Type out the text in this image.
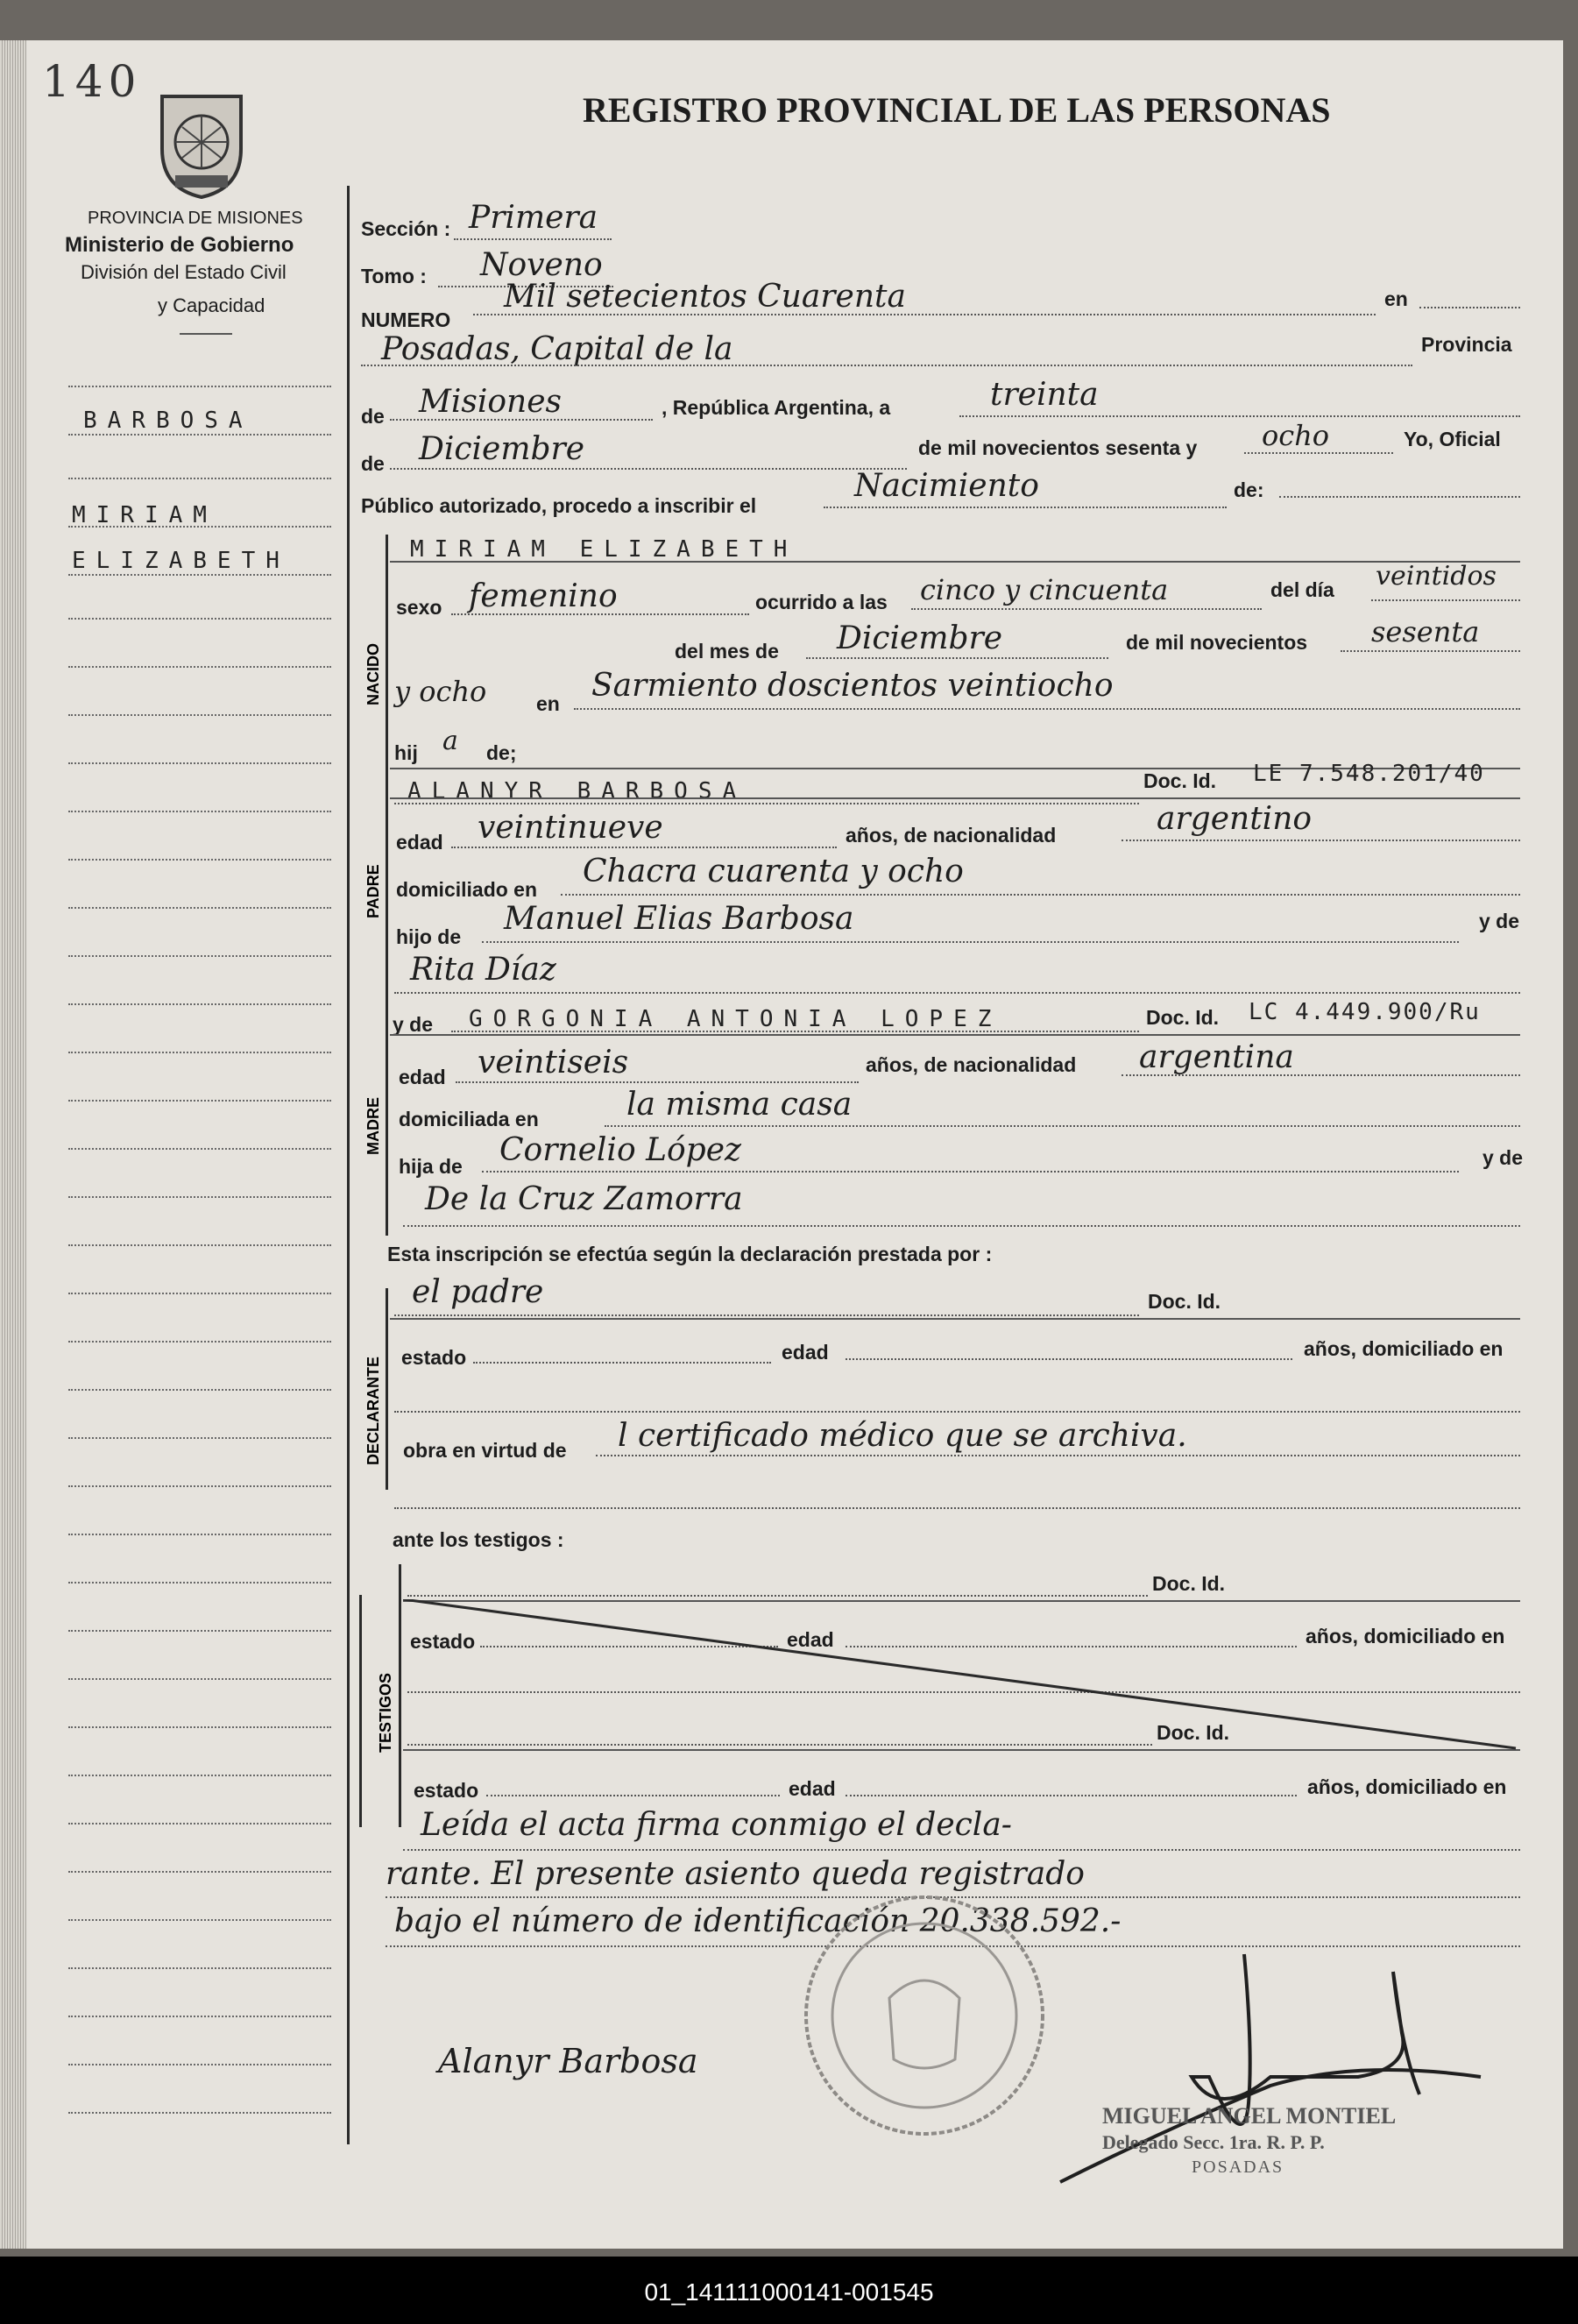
140
REGISTRO PROVINCIAL DE LAS PERSONAS
PROVINCIA DE MISIONES
Ministerio de Gobierno
División del Estado Civil
y Capacidad
BARBOSA
MIRIAM
ELIZABETH
Sección : Primera
Tomo : Noveno
NUMERO
Mil setecientos Cuarenta	en
Posadas, Capital de la	Provincia
de Misiones	, República Argentina, a	treinta
de Diciembre	de mil novecientos sesenta y ocho	Yo, Oficial
Público autorizado, procedo a inscribir el
Nacimiento	de:
NACIDO
MIRIAM ELIZABETH
sexo femenino	ocurrido a las cinco y cincuenta	del día veintidos
del mes de Diciembre	de mil novecientos sesenta
y ocho en Sarmiento doscientos veintiocho
hij a de;
PADRE
ALANYR BARBOSA	Doc. Id. LE 7.548.201/40
edad veintinueve	años, de nacionalidad	argentino
domiciliado en Chacra cuarenta y ocho
hijo de Manuel Elias Barbosa	y de
Rita Díaz
MADRE
y de GORGONIA ANTONIA LOPEZ	Doc. Id. LC 4.449.900/Ru
edad veintiseis	años, de nacionalidad argentina
domiciliada en	la misma casa
hija de Cornelio López	y de
De la Cruz Zamorra
Esta inscripción se efectúa según la declaración prestada por :
DECLARANTE
el padre	Doc. Id.
estado	edad	años, domiciliado en
obra en virtud de l certificado médico que se archiva.
ante los testigos :
TESTIGOS
Doc. Id.
estado	edad	años, domiciliado en
Doc. Id.
estado	edad	años, domiciliado en
Leída el acta firma conmigo el decla-
rante. El presente asiento queda registrado
bajo el número de identificación 20.338.592.-
Alanyr Barbosa
MIGUEL ANGEL MONTIEL
Delegado Secc. 1ra. R. P. P.
POSADAS
01_141111000141-001545
